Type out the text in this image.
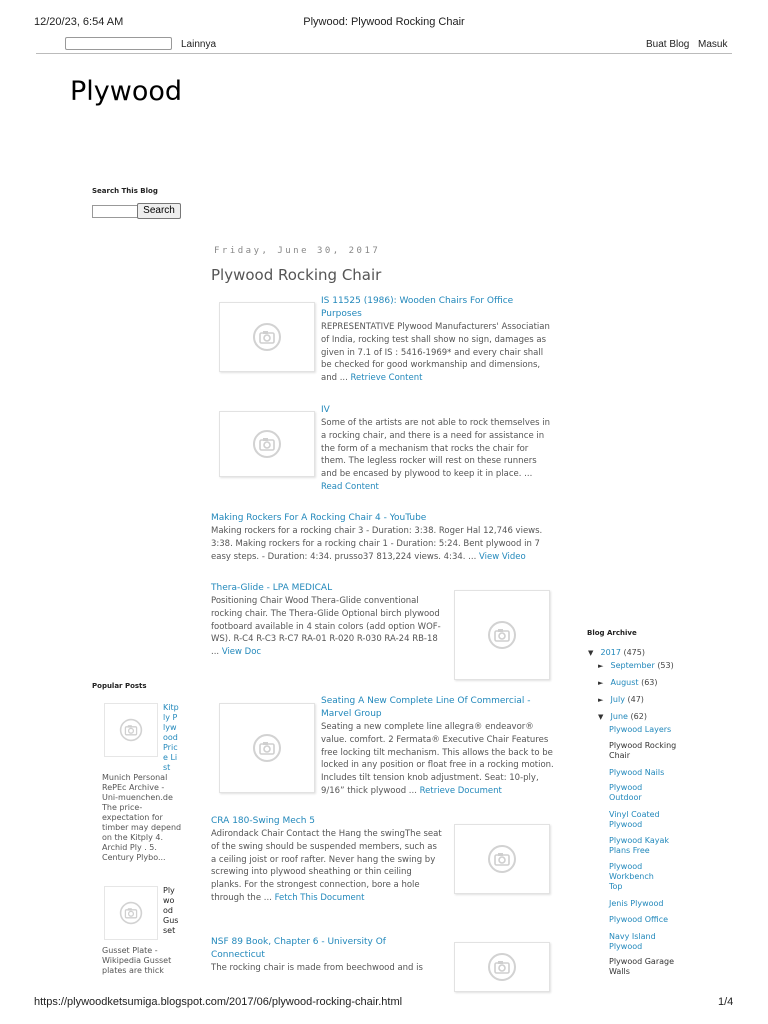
12/20/23, 6:54 AM	Plywood: Plywood Rocking Chair
Lainnya	Buat Blog Masuk
Plywood
Search This Blog
Search
Friday, June 30, 2017
Plywood Rocking Chair
IS 11525 (1986): Wooden Chairs For Office Purposes
REPRESENTATIVE Plywood Manufacturers' Associatian of India, rocking test shall show no sign, damages as given in 7.1 of IS : 5416-1969* and every chair shall be checked for good workmanship and dimensions, and ... Retrieve Content
IV
Some of the artists are not able to rock themselves in a rocking chair, and there is a need for assistance in the form of a mechanism that rocks the chair for them. The legless rocker will rest on these runners and be encased by plywood to keep it in place. ... Read Content
Making Rockers For A Rocking Chair 4 - YouTube
Making rockers for a rocking chair 3 - Duration: 3:38. Roger Hal 12,746 views. 3:38. Making rockers for a rocking chair 1 - Duration: 5:24. Bent plywood in 7 easy steps. - Duration: 4:34. prusso37 813,224 views. 4:34. ... View Video
Thera-Glide - LPA MEDICAL
Positioning Chair Wood Thera-Glide conventional rocking chair. The Thera-Glide Optional birch plywood footboard available in 4 stain colors (add option WOF-WS). R-C4 R-C3 R-C7 RA-01 R-020 R-030 RA-24 RB-18 ... View Doc
Seating A New Complete Line Of Commercial - Marvel Group
Seating a new complete line allegra® endeavor® value. comfort. 2 Fermata® Executive Chair Features free locking tilt mechanism. This allows the back to be locked in any position or float free in a rocking motion. Includes tilt tension knob adjustment. Seat: 10-ply, 9/16” thick plywood ... Retrieve Document
CRA 180-Swing Mech 5
Adirondack Chair Contact the Hang the swingThe seat of the swing should be suspended members, such as a ceiling joist or roof rafter. Never hang the swing by screwing into plywood sheathing or thin ceiling planks. For the strongest connection, bore a hole through the ... Fetch This Document
NSF 89 Book, Chapter 6 - University Of Connecticut
The rocking chair is made from beechwood and is
Popular Posts
Kitply Plywood Price List
Munich Personal RePEc Archive - Uni-muenchen.de The price-expectation for timber may depend on the Kitply 4. Archid Ply . 5. Century Plybo...
Plywood Gusset
Gusset Plate - Wikipedia Gusset plates are thick
Blog Archive
▼ 2017 (475)
► September (53)
► August (63)
► July (47)
▼ June (62)
Plywood Layers
Plywood Rocking Chair
Plywood Nails
Plywood Outdoor
Vinyl Coated Plywood
Plywood Kayak Plans Free
Plywood Workbench Top
Jenis Plywood
Plywood Office
Navy Island Plywood
Plywood Garage Walls
https://plywoodketsumiga.blogspot.com/2017/06/plywood-rocking-chair.html	1/4
